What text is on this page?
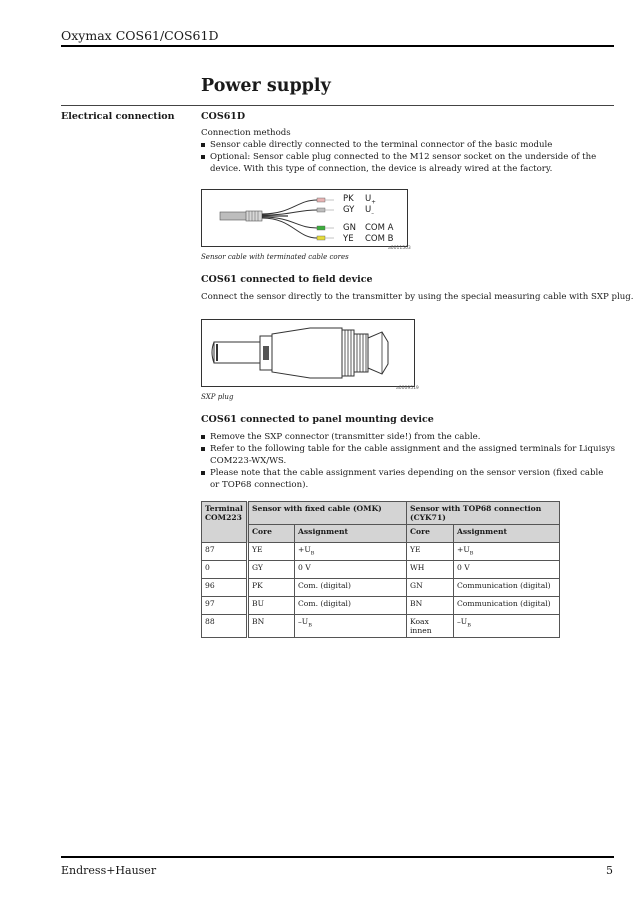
Oxymax COS61/COS61D
Power supply
Electrical connection	COS61D
Connection methods
Sensor cable directly connected to the terminal connector of the basic module
Optional: Sensor cable plug connected to the M12 sensor socket on the underside of the device. With this type of connection, the device is already wired at the factory.
PK $U_+$
GY $U_-$
GN COM A
YE COM B
a0011503
Sensor cable with terminated cable cores
COS61 connected to field device
Connect the sensor directly to the transmitter by using the special measuring cable with SXP plug.
a0009519
SXP plug
COS61 connected to panel mounting device
Remove the SXP connector (transmitter side!) from the cable.
Refer to the following table for the cable assignment and the assigned terminals for Liquisys COM223-WX/WS.
Please note that the cable assignment varies depending on the sensor version (fixed cable or TOP68 connection).
Terminal COM223	Sensor with fixed cable (OMK)		Sensor with TOP68 connection (CYK71)	
	Core	Assignment	Core	Assignment
87	YE	$+U_B$	YE	$+U_B$
0	GY	0 V	WH	0 V
96	PK	Com. (digital)	GN	Communication (digital)
97	BU	Com. (digital)	BN	Communication (digital)
88	BN	$-U_B$	Koax innen	$-U_B$
Endress+Hauser	5
